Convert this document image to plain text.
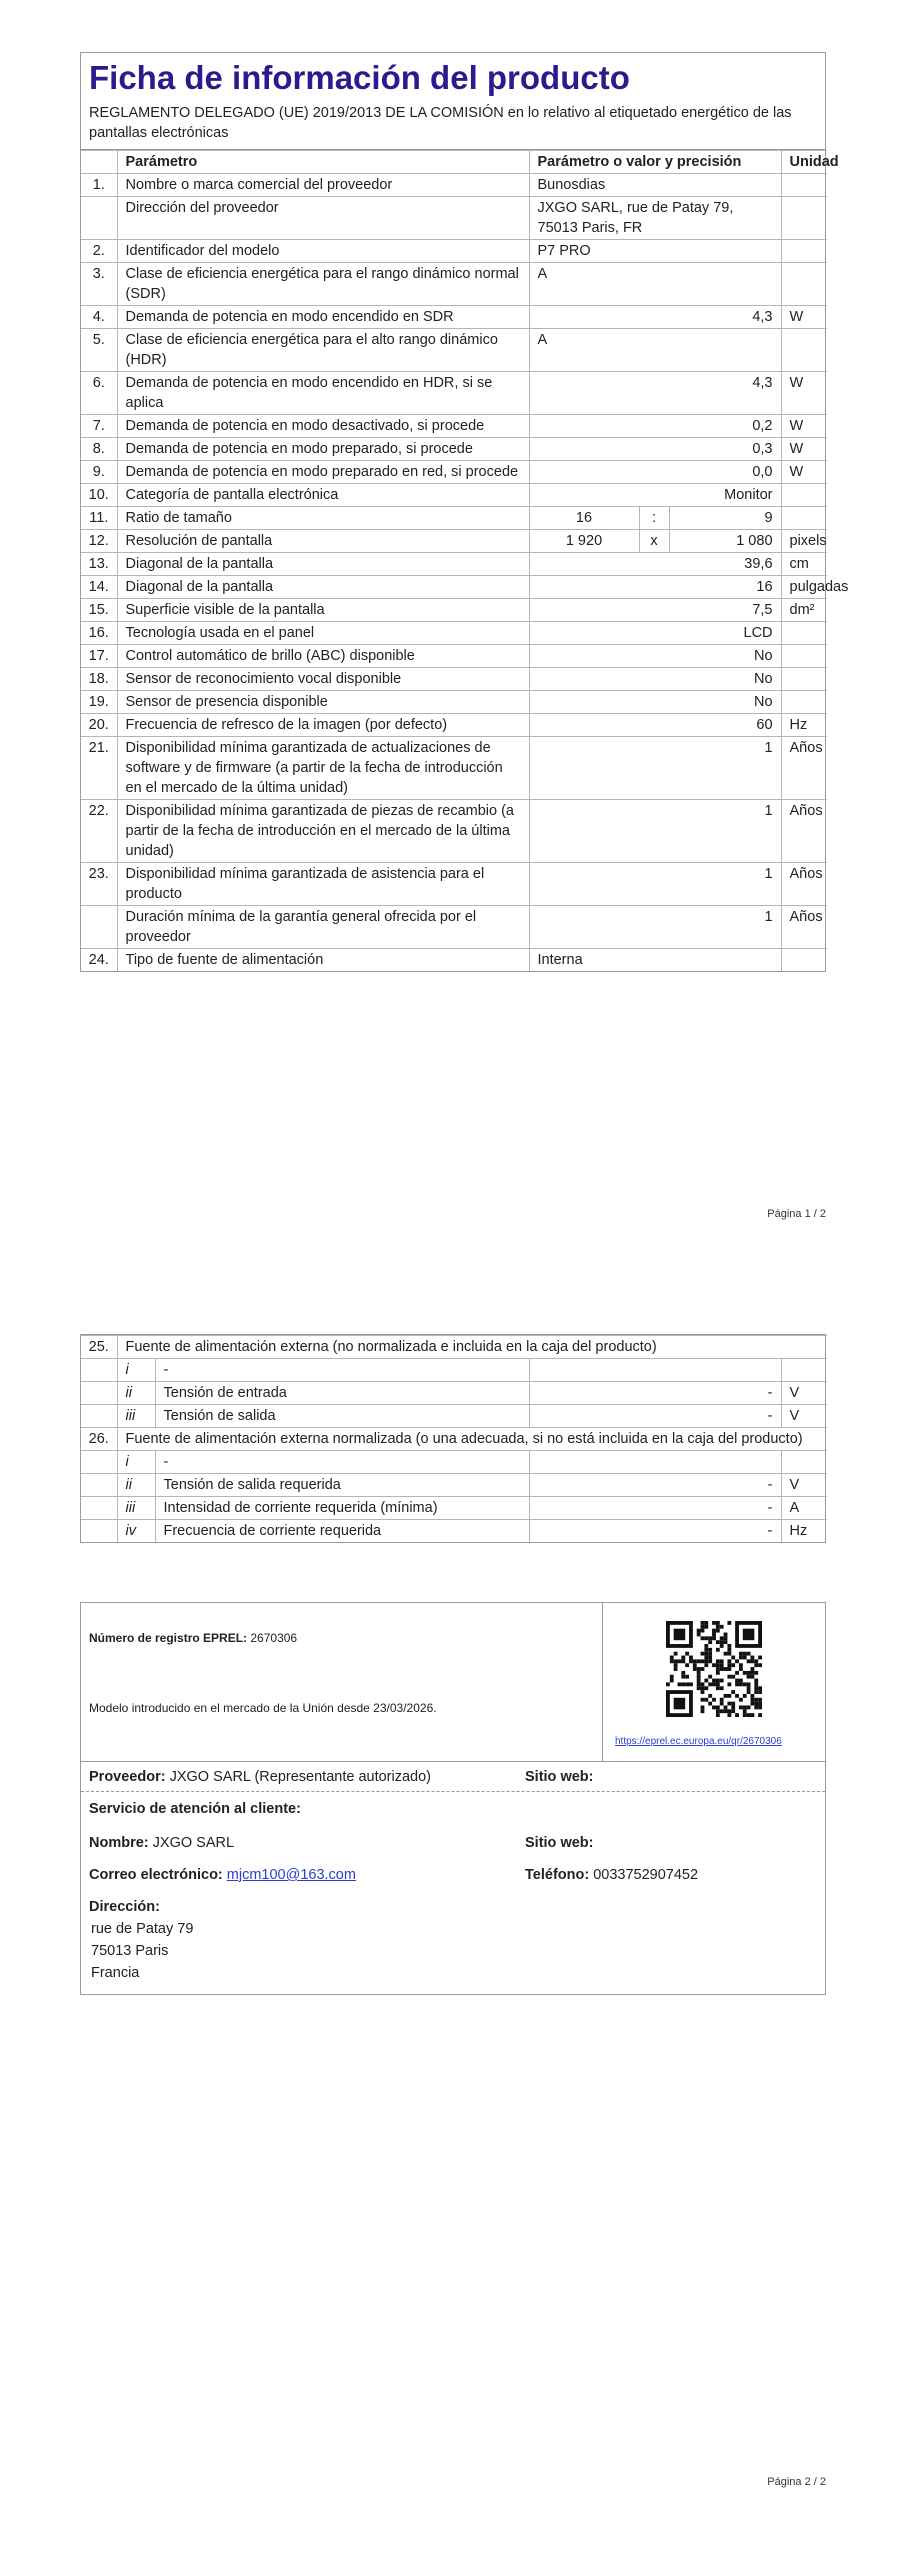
Ficha de información del producto
REGLAMENTO DELEGADO (UE) 2019/2013 DE LA COMISIÓN en lo relativo al etiquetado energético de las pantallas electrónicas
	Parámetro	Parámetro o valor y precisión			Unidad
1.	Nombre o marca comercial del proveedor	Bunosdias			
	Dirección del proveedor	JXGO SARL, rue de Patay 79, 75013 Paris, FR			
2.	Identificador del modelo	P7 PRO			
3.	Clase de eficiencia energética para el rango dinámico normal (SDR)	A			
4.	Demanda de potencia en modo encendido en SDR	4,3			W
5.	Clase de eficiencia energética para el alto rango dinámico (HDR)	A			
6.	Demanda de potencia en modo encendido en HDR, si se aplica	4,3			W
7.	Demanda de potencia en modo desactivado, si procede	0,2			W
8.	Demanda de potencia en modo preparado, si procede	0,3			W
9.	Demanda de potencia en modo preparado en red, si procede	0,0			W
10.	Categoría de pantalla electrónica	Monitor			
11.	Ratio de tamaño	16	:	9	
12.	Resolución de pantalla	1 920	x	1 080	pixels
13.	Diagonal de la pantalla	39,6			cm
14.	Diagonal de la pantalla	16			pulgadas
15.	Superficie visible de la pantalla	7,5			dm²
16.	Tecnología usada en el panel	LCD			
17.	Control automático de brillo (ABC) disponible	No			
18.	Sensor de reconocimiento vocal disponible	No			
19.	Sensor de presencia disponible	No			
20.	Frecuencia de refresco de la imagen (por defecto)	60			Hz
21.	Disponibilidad mínima garantizada de actualizaciones de software y de firmware (a partir de la fecha de introducción en el mercado de la última unidad)	1			Años
22.	Disponibilidad mínima garantizada de piezas de recambio (a partir de la fecha de introducción en el mercado de la última unidad)	1			Años
23.	Disponibilidad mínima garantizada de asistencia para el producto	1			Años
	Duración mínima de la garantía general ofrecida por el proveedor	1			Años
24.	Tipo de fuente de alimentación	Interna			
Página 1 / 2
25.	Fuente de alimentación externa (no normalizada e incluida en la caja del producto)			
	i	-		
	ii	Tensión de entrada	-	V
	iii	Tensión de salida	-	V
26.	Fuente de alimentación externa normalizada (o una adecuada, si no está incluida en la caja del producto)			
	i	-		
	ii	Tensión de salida requerida	-	V
	iii	Intensidad de corriente requerida (mínima)	-	A
	iv	Frecuencia de corriente requerida	-	Hz
Número de registro EPREL: 2670306
Modelo introducido en el mercado de la Unión desde 23/03/2026.
https://eprel.ec.europa.eu/qr/2670306
Proveedor: JXGO SARL (Representante autorizado)	Sitio web:
Servicio de atención al cliente:
Nombre: JXGO SARL	Sitio web:
Correo electrónico: mjcm100@163.com	Teléfono: 0033752907452
Dirección:
rue de Patay 79
75013 Paris
Francia
Página 2 / 2
